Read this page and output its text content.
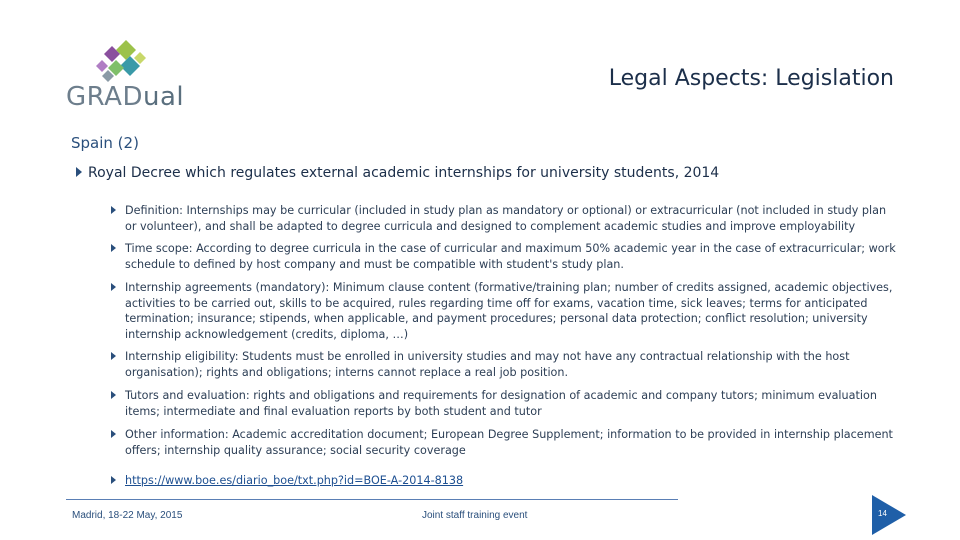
GRADual
Legal Aspects: Legislation
Spain (2)
Royal Decree which regulates external academic internships for university students, 2014
Definition: Internships may be curricular (included in study plan as mandatory or optional) or extracurricular (not included in study plan or volunteer), and shall be adapted to degree curricula and designed to complement academic studies and improve employability
Time scope: According to degree curricula in the case of curricular and maximum 50% academic year in the case of extracurricular; work schedule to defined by host company and must be compatible with student's study plan.
Internship agreements (mandatory): Minimum clause content (formative/training plan; number of credits assigned, academic objectives, activities to be carried out, skills to be acquired, rules regarding time off for exams, vacation time, sick leaves; terms for anticipated termination; insurance; stipends, when applicable, and payment procedures; personal data protection; conflict resolution; university internship acknowledgement (credits, diploma, …)
Internship eligibility: Students must be enrolled in university studies and may not have any contractual relationship with the host organisation); rights and obligations; interns cannot replace a real job position.
Tutors and evaluation: rights and obligations and requirements for designation of academic and company tutors; minimum evaluation items; intermediate and final evaluation reports by both student and tutor
Other information: Academic accreditation document; European Degree Supplement; information to be provided in internship placement offers; internship quality assurance; social security coverage
https://www.boe.es/diario_boe/txt.php?id=BOE-A-2014-8138
Madrid, 18-22 May, 2015	Joint staff training event	14
